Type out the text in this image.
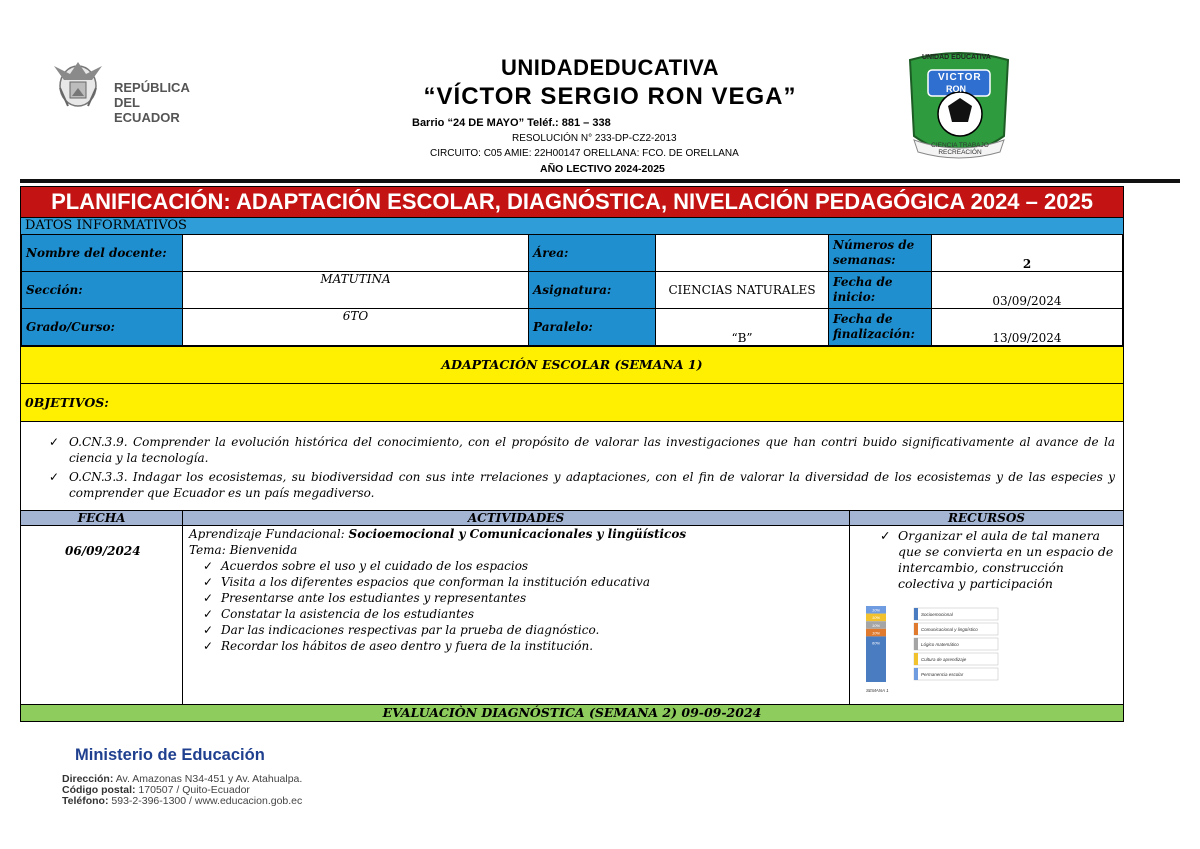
REPÚBLICA
DEL ECUADOR
UNIDADEDUCATIVA
“VÍCTOR SERGIO RON VEGA”
Barrio “24 DE MAYO” Teléf.: 881 – 338
RESOLUCIÓN N° 233-DP-CZ2-2013
CIRCUITO: C05 AMIE: 22H00147 ORELLANA: FCO. DE ORELLANA
AÑO LECTIVO 2024-2025
UNIDAD EDUCATIVA
VICTOR
RON
CIENCIA TRABAJO RECREACIÓN
PLANIFICACIÓN: ADAPTACIÓN ESCOLAR, DIAGNÓSTICA, NIVELACIÓN PEDAGÓGICA 2024 – 2025
DATOS INFORMATIVOS
Nombre del docente:		Área:		Números de semanas:	2
Sección:	MATUTINA	Asignatura:	CIENCIAS NATURALES	Fecha de inicio:	03/09/2024
Grado/Curso:	6TO	Paralelo:	“B”	Fecha de finalización:	13/09/2024
ADAPTACIÓN ESCOLAR (SEMANA 1)
0BJETIVOS:
✓ O.CN.3.9. Comprender la evolución histórica del conocimiento, con el propósito de valorar las investigaciones que han contri buido significativamente al avance de la ciencia y la tecnología.
✓ O.CN.3.3. Indagar los ecosistemas, su biodiversidad con sus inte rrelaciones y adaptaciones, con el fin de valorar la diversidad de los ecosistemas y de las especies y comprender que Ecuador es un país megadiverso.
FECHA	ACTIVIDADES	RECURSOS
06/09/2024
Aprendizaje Fundacional: Socioemocional y Comunicacionales y lingüísticos
Tema: Bienvenida
✓ Acuerdos sobre el uso y el cuidado de los espacios
✓ Visita a los diferentes espacios que conforman la institución educativa
✓ Presentarse ante los estudiantes y representantes
✓ Constatar la asistencia de los estudiantes
✓ Dar las indicaciones respectivas par la prueba de diagnóstico.
✓ Recordar los hábitos de aseo dentro y fuera de la institución.
✓ Organizar el aula de tal manera que se convierta en un espacio de intercambio, construcción colectiva y participación
10%
10%
10%
10%
60%
SEMANA 1
Socioemocional
Comunicacional y lingüístico
Lógico matemático
Cultura de aprendizaje
Permanencia escolar
EVALUACIÒN DIAGNÓSTICA (SEMANA 2) 09-09-2024
Ministerio de Educación
Dirección: Av. Amazonas N34-451 y Av. Atahualpa.
Código postal: 170507 / Quito-Ecuador
Teléfono: 593-2-396-1300 / www.educacion.gob.ec
